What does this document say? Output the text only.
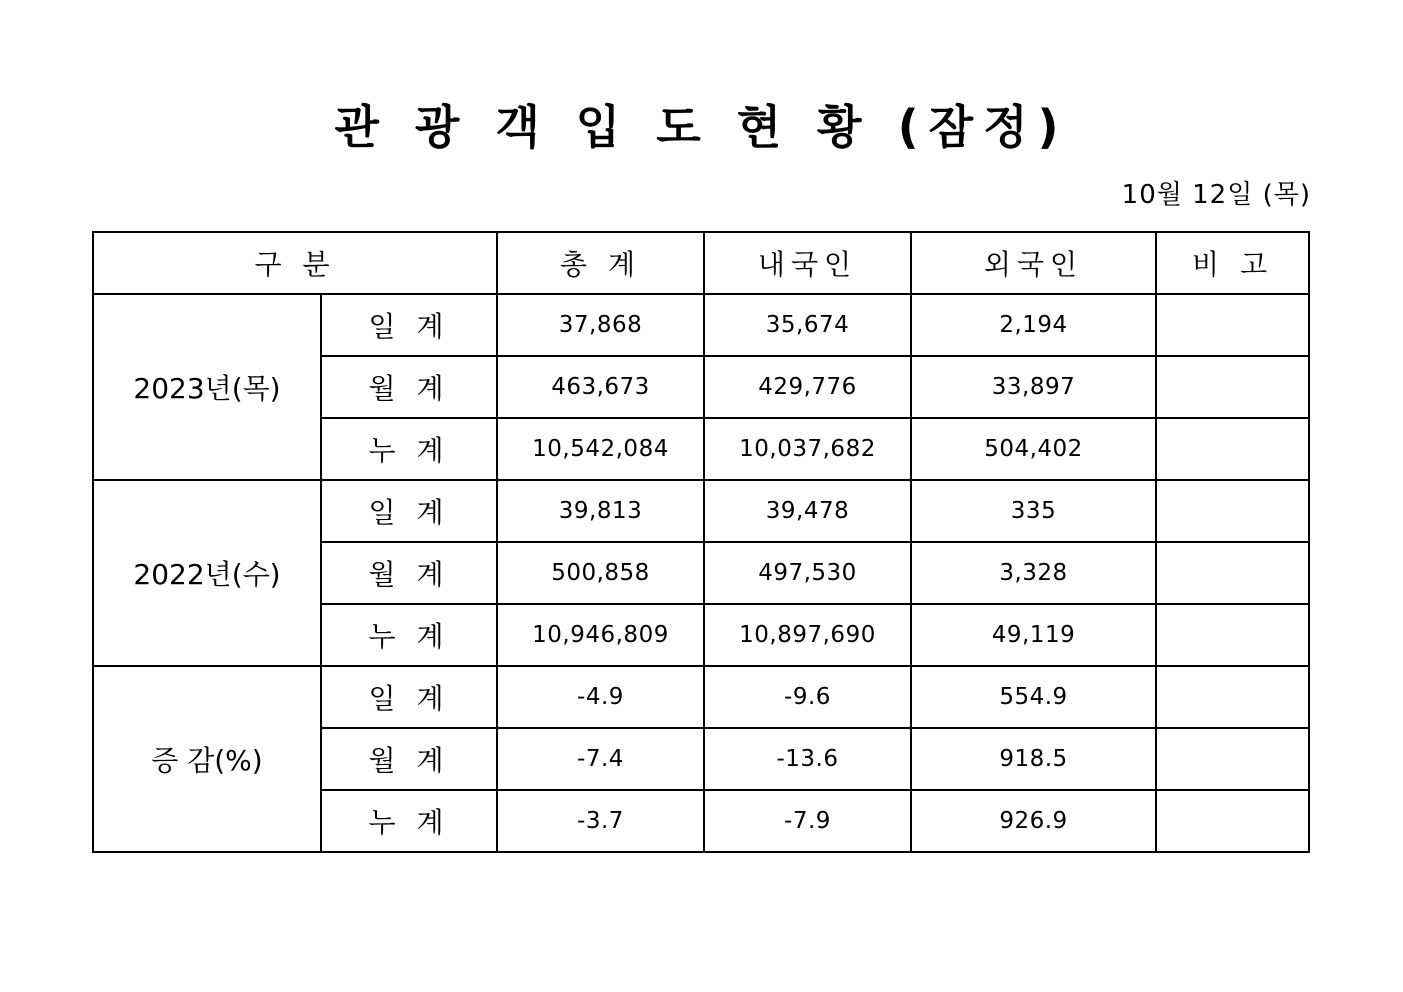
관 광 객 입 도 현 황 (잠정)
10월 12일 (목)
구 분		총 계	내국인	외국인	비 고
2023년(목)	일 계	37,868	35,674	2,194	
	월 계	463,673	429,776	33,897	
	누 계	10,542,084	10,037,682	504,402	
2022년(수)	일 계	39,813	39,478	335	
	월 계	500,858	497,530	3,328	
	누 계	10,946,809	10,897,690	49,119	
증 감(%)	일 계	-4.9	-9.6	554.9	
	월 계	-7.4	-13.6	918.5	
	누 계	-3.7	-7.9	926.9	
